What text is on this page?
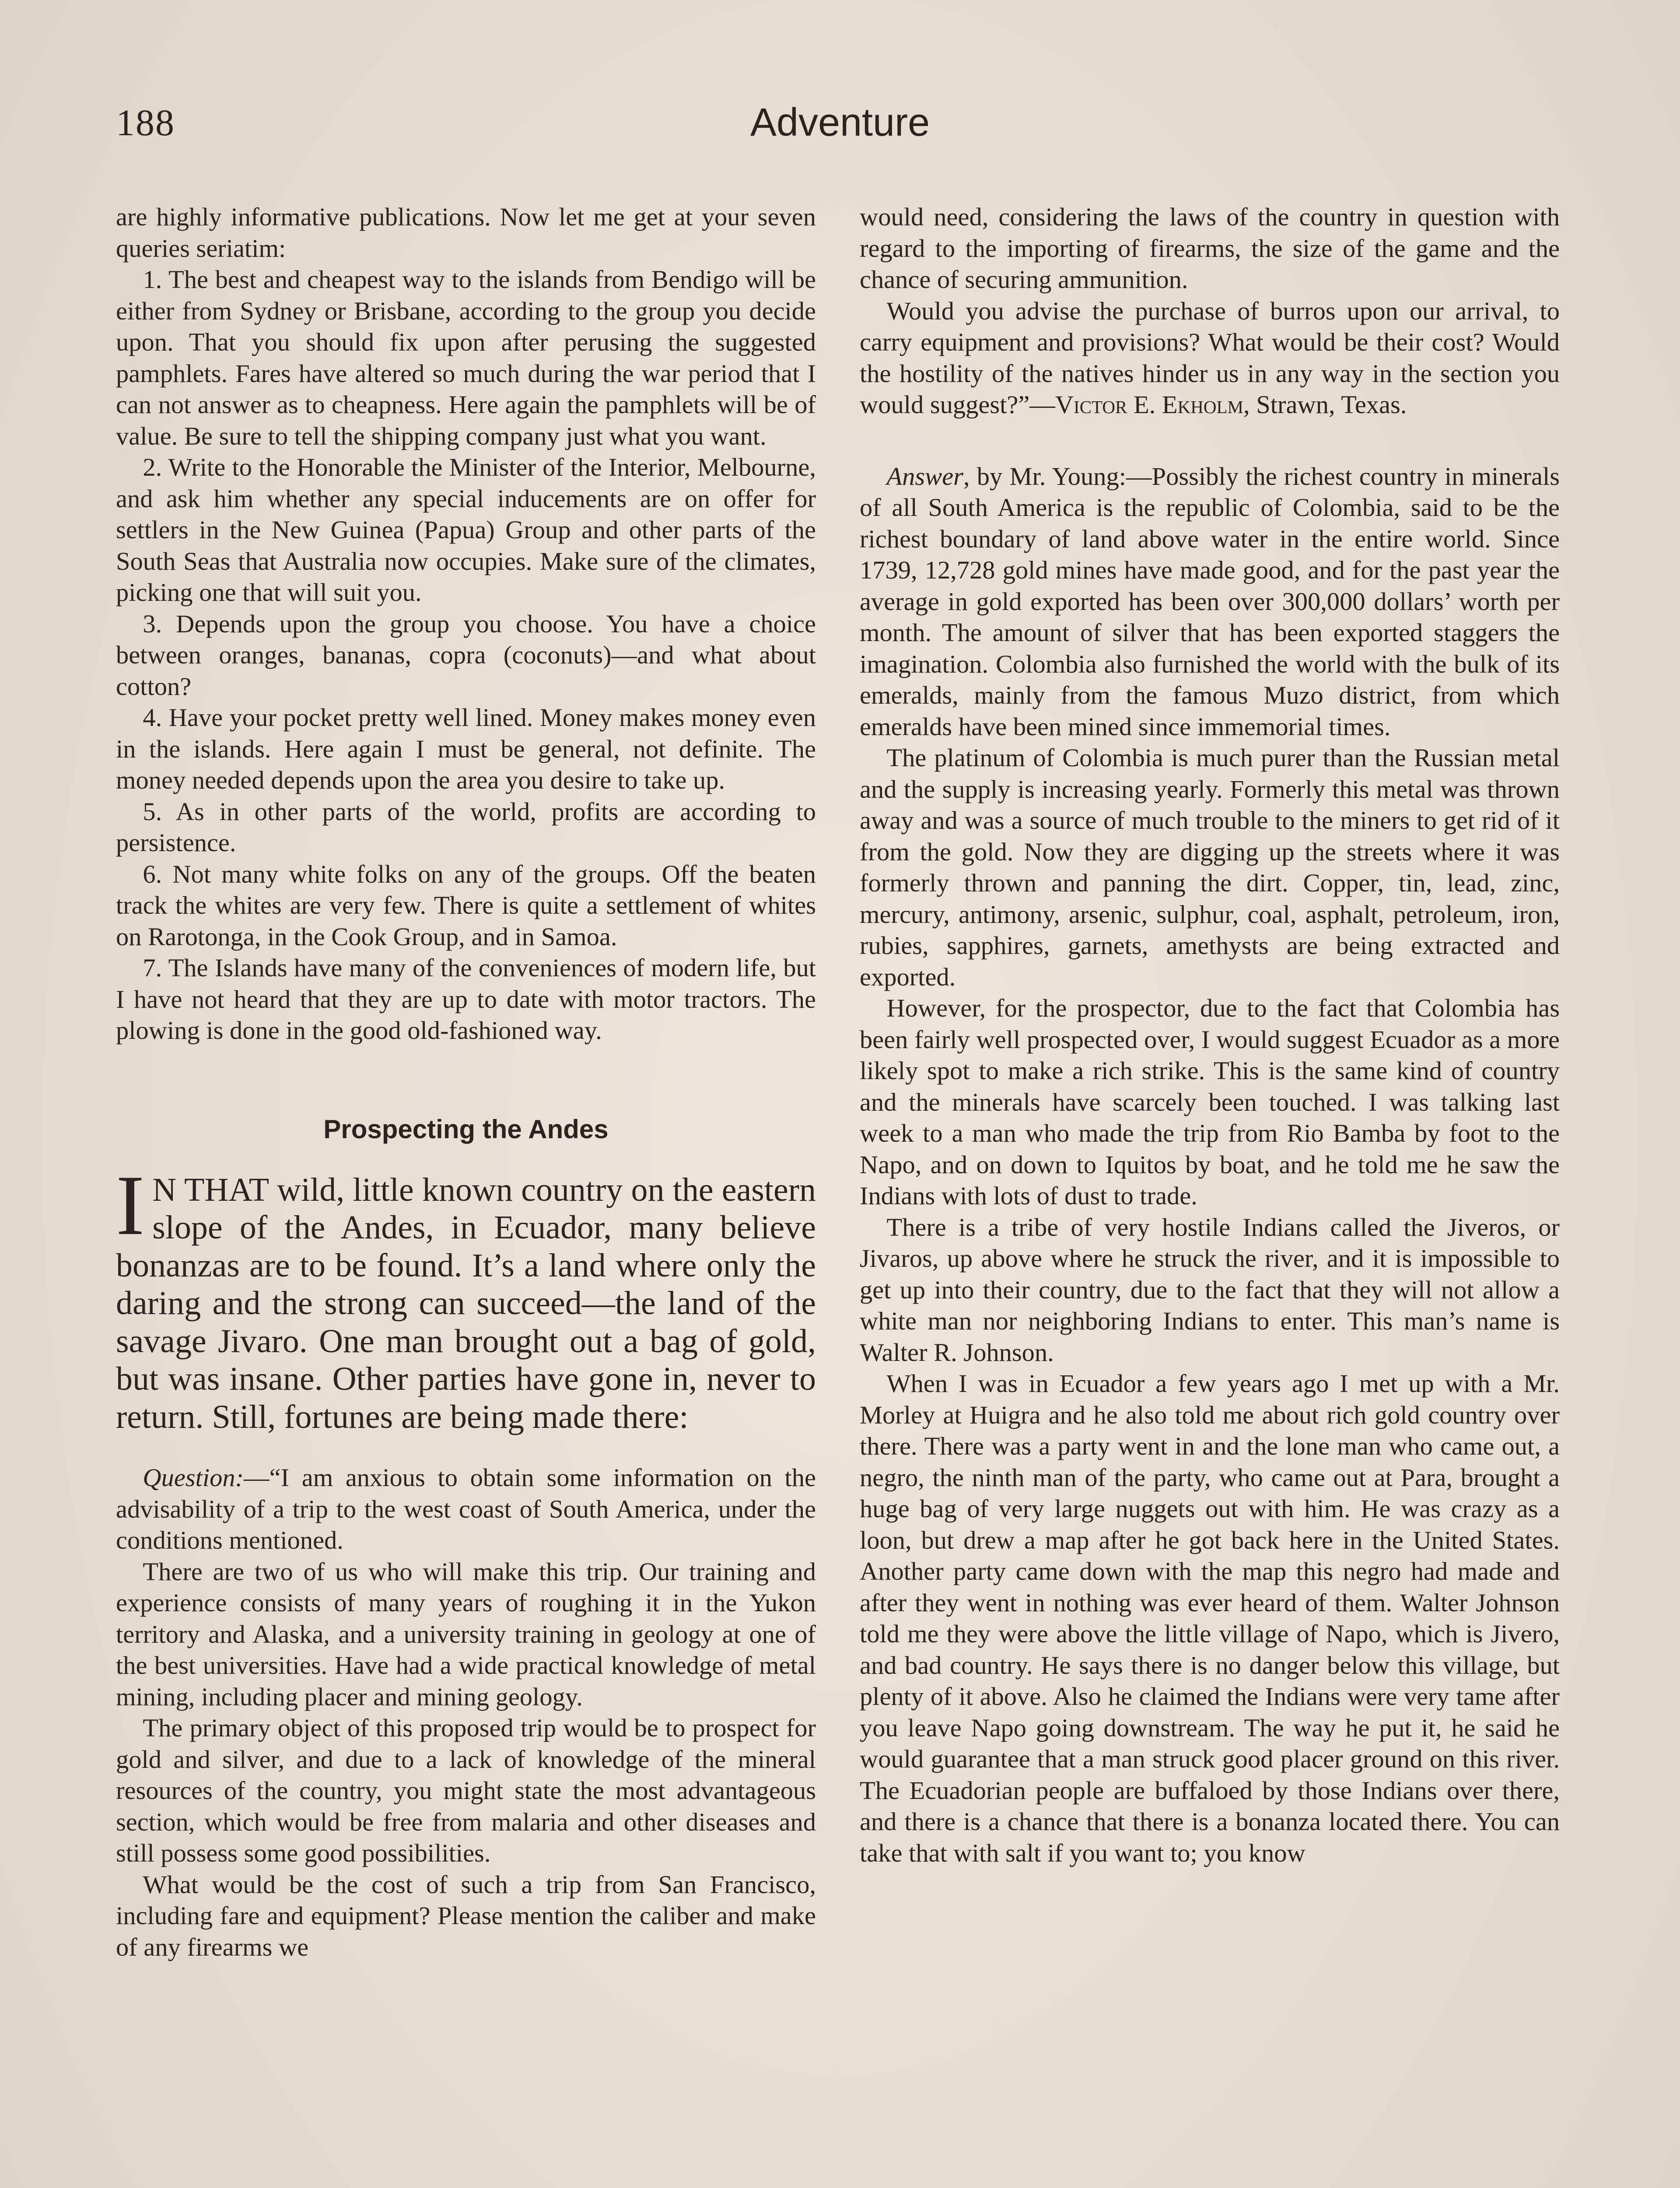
188	Adventure

are highly informative publications. Now let me get at your seven queries seriatim:

1. The best and cheapest way to the islands from Bendigo will be either from Sydney or Brisbane, according to the group you decide upon. That you should fix upon after perusing the suggested pamphlets. Fares have altered so much during the war period that I can not answer as to cheapness. Here again the pamphlets will be of value. Be sure to tell the shipping company just what you want.

2. Write to the Honorable the Minister of the Interior, Melbourne, and ask him whether any special inducements are on offer for settlers in the New Guinea (Papua) Group and other parts of the South Seas that Australia now occupies. Make sure of the climates, picking one that will suit you.

3. Depends upon the group you choose. You have a choice between oranges, bananas, copra (coconuts)—and what about cotton?

4. Have your pocket pretty well lined. Money makes money even in the islands. Here again I must be general, not definite. The money needed depends upon the area you desire to take up.

5. As in other parts of the world, profits are according to persistence.

6. Not many white folks on any of the groups. Off the beaten track the whites are very few. There is quite a settlement of whites on Rarotonga, in the Cook Group, and in Samoa.

7. The Islands have many of the conveniences of modern life, but I have not heard that they are up to date with motor tractors. The plowing is done in the good old-fashioned way.

Prospecting the Andes

I N THAT wild, little known country on the eastern slope of the Andes, in Ecuador, many believe bonanzas are to be found. It’s a land where only the daring and the strong can succeed—the land of the savage Jivaro. One man brought out a bag of gold, but was insane. Other parties have gone in, never to return. Still, fortunes are being made there:

Question:—“I am anxious to obtain some information on the advisability of a trip to the west coast of South America, under the conditions mentioned.

There are two of us who will make this trip. Our training and experience consists of many years of roughing it in the Yukon territory and Alaska, and a university training in geology at one of the best universities. Have had a wide practical knowledge of metal mining, including placer and mining geology.

The primary object of this proposed trip would be to prospect for gold and silver, and due to a lack of knowledge of the mineral resources of the country, you might state the most advantageous section, which would be free from malaria and other diseases and still possess some good possibilities.

What would be the cost of such a trip from San Francisco, including fare and equipment? Please mention the caliber and make of any firearms we

would need, considering the laws of the country in question with regard to the importing of firearms, the size of the game and the chance of securing ammunition.

Would you advise the purchase of burros upon our arrival, to carry equipment and provisions? What would be their cost? Would the hostility of the natives hinder us in any way in the section you would suggest?”—Victor E. Ekholm, Strawn, Texas.

Answer, by Mr. Young:—Possibly the richest country in minerals of all South America is the republic of Colombia, said to be the richest boundary of land above water in the entire world. Since 1739, 12,728 gold mines have made good, and for the past year the average in gold exported has been over 300,000 dollars’ worth per month. The amount of silver that has been exported staggers the imagination. Colombia also furnished the world with the bulk of its emeralds, mainly from the famous Muzo district, from which emeralds have been mined since immemorial times.

The platinum of Colombia is much purer than the Russian metal and the supply is increasing yearly. Formerly this metal was thrown away and was a source of much trouble to the miners to get rid of it from the gold. Now they are digging up the streets where it was formerly thrown and panning the dirt. Copper, tin, lead, zinc, mercury, antimony, arsenic, sulphur, coal, asphalt, petroleum, iron, rubies, sapphires, garnets, amethysts are being extracted and exported.

However, for the prospector, due to the fact that Colombia has been fairly well prospected over, I would suggest Ecuador as a more likely spot to make a rich strike. This is the same kind of country and the minerals have scarcely been touched. I was talking last week to a man who made the trip from Rio Bamba by foot to the Napo, and on down to Iquitos by boat, and he told me he saw the Indians with lots of dust to trade.

There is a tribe of very hostile Indians called the Jiveros, or Jivaros, up above where he struck the river, and it is impossible to get up into their country, due to the fact that they will not allow a white man nor neighboring Indians to enter. This man’s name is Walter R. Johnson.

When I was in Ecuador a few years ago I met up with a Mr. Morley at Huigra and he also told me about rich gold country over there. There was a party went in and the lone man who came out, a negro, the ninth man of the party, who came out at Para, brought a huge bag of very large nuggets out with him. He was crazy as a loon, but drew a map after he got back here in the United States. Another party came down with the map this negro had made and after they went in nothing was ever heard of them. Walter Johnson told me they were above the little village of Napo, which is Jivero, and bad country. He says there is no danger below this village, but plenty of it above. Also he claimed the Indians were very tame after you leave Napo going downstream. The way he put it, he said he would guarantee that a man struck good placer ground on this river. The Ecuadorian people are buffaloed by those Indians over there, and there is a chance that there is a bonanza located there. You can take that with salt if you want to; you know
